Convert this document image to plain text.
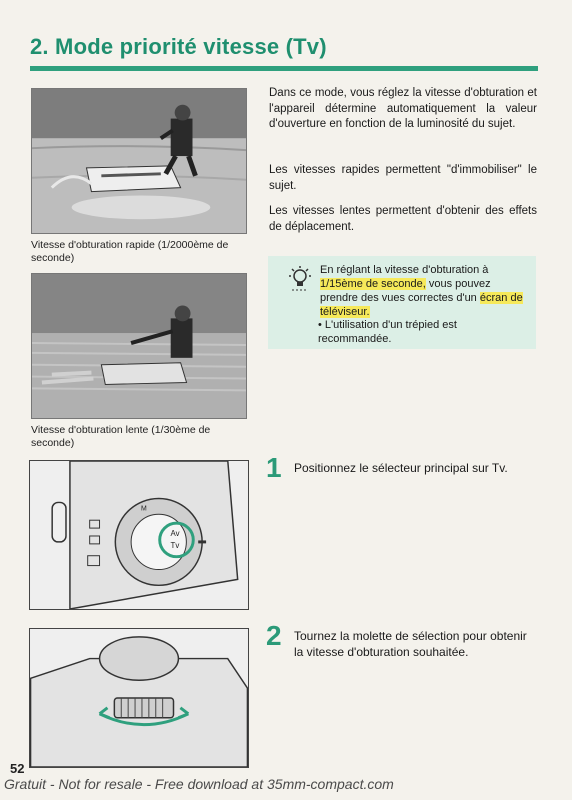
2. Mode priorité vitesse (Tv)
Vitesse d'obturation rapide (1/2000ème de seconde)
Vitesse d'obturation lente (1/30ème de seconde)

Dans ce mode, vous réglez la vitesse d'obturation et l'appareil détermine automatiquement la valeur d'ouverture en fonction de la luminosité du sujet.

Les vitesses rapides permettent "d'immobiliser" le sujet.

Les vitesses lentes permettent d'obtenir des effets de déplacement.

En réglant la vitesse d'obturation à 1/15ème de seconde, vous pouvez prendre des vues correctes d'un écran de téléviseur.
• L'utilisation d'un trépied est recommandée.
Av
Tv
M
1 Positionnez le sélecteur principal sur Tv.
2 Tournez la molette de sélection pour obtenir la vitesse d'obturation souhaitée.
52
Gratuit - Not for resale - Free download at 35mm-compact.com
